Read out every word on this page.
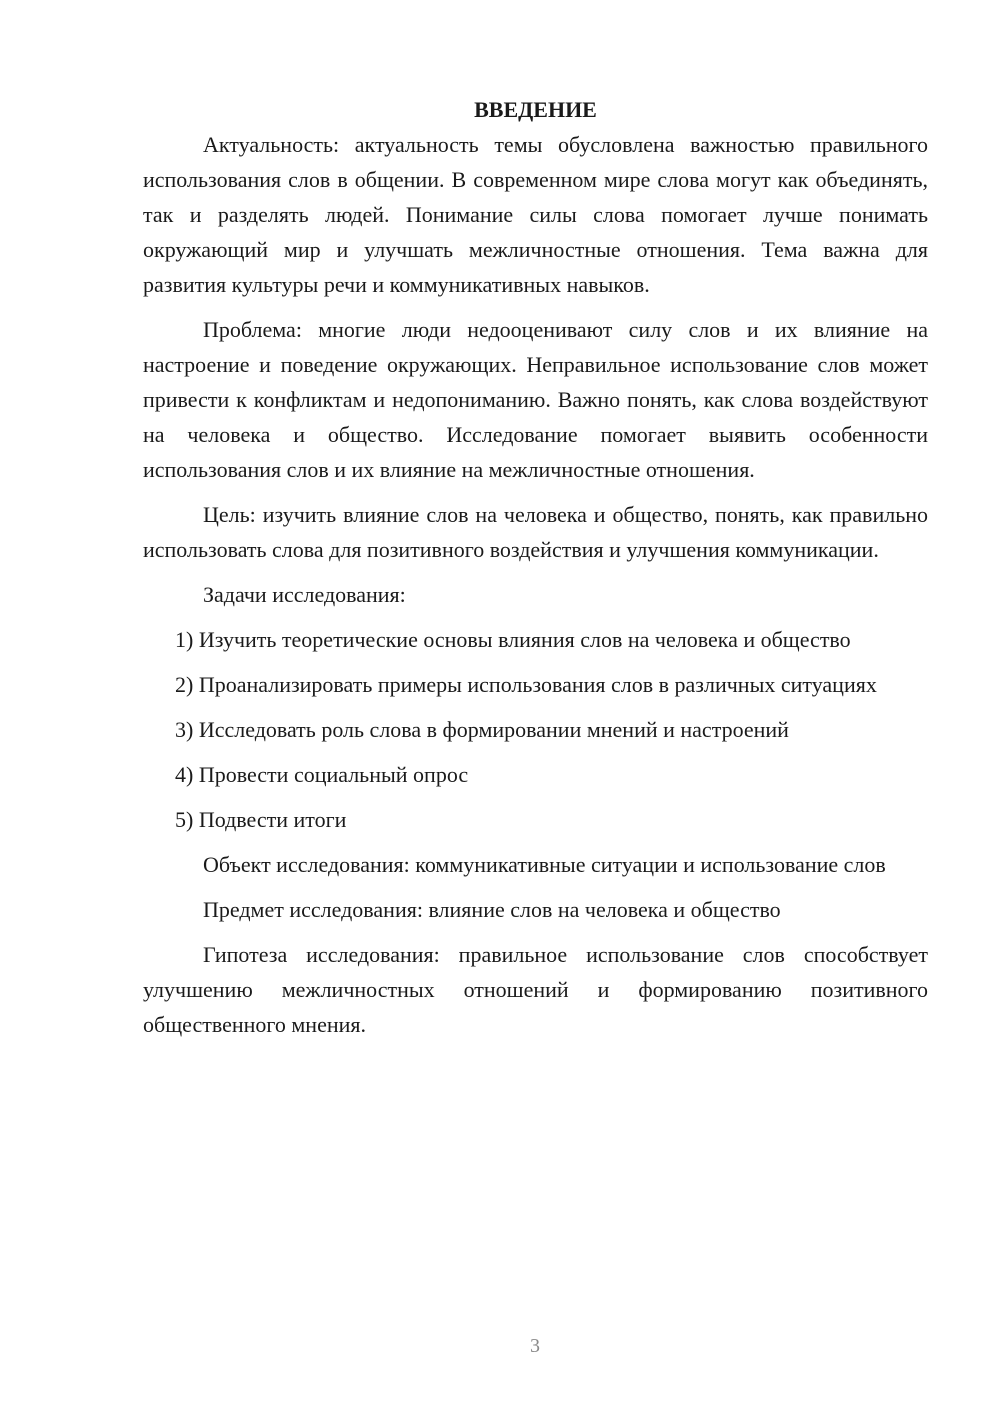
ВВЕДЕНИЕ

Актуальность: актуальность темы обусловлена важностью правильного использования слов в общении. В современном мире слова могут как объединять, так и разделять людей. Понимание силы слова помогает лучше понимать окружающий мир и улучшать межличностные отношения. Тема важна для развития культуры речи и коммуникативных навыков.

Проблема: многие люди недооценивают силу слов и их влияние на настроение и поведение окружающих. Неправильное использование слов может привести к конфликтам и недопониманию. Важно понять, как слова воздействуют на человека и общество. Исследование помогает выявить особенности использования слов и их влияние на межличностные отношения.

Цель: изучить влияние слов на человека и общество, понять, как правильно использовать слова для позитивного воздействия и улучшения коммуникации.

Задачи исследования:

1) Изучить теоретические основы влияния слов на человека и общество

2) Проанализировать примеры использования слов в различных ситуациях

3) Исследовать роль слова в формировании мнений и настроений

4) Провести социальный опрос

5) Подвести итоги

Объект исследования: коммуникативные ситуации и использование слов

Предмет исследования: влияние слов на человека и общество

Гипотеза исследования: правильное использование слов способствует улучшению межличностных отношений и формированию позитивного общественного мнения.

3
